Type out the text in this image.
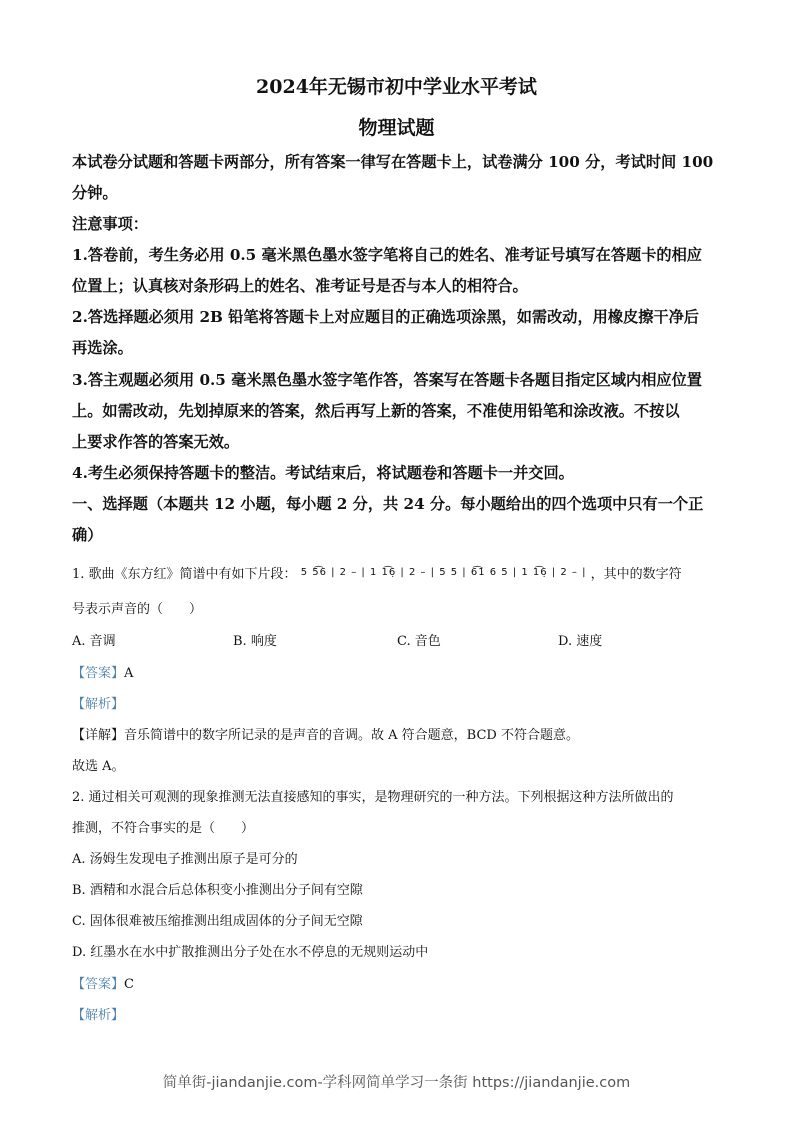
2024年无锡市初中学业水平考试
物理试题
本试卷分试题和答题卡两部分，所有答案一律写在答题卡上，试卷满分 100 分，考试时间 100
分钟。
注意事项：
1.答卷前，考生务必用 0.5 毫米黑色墨水签字笔将自己的姓名、准考证号填写在答题卡的相应
位置上；认真核对条形码上的姓名、准考证号是否与本人的相符合。
2.答选择题必须用 2B 铅笔将答题卡上对应题目的正确选项涂黑，如需改动，用橡皮擦干净后
再选涂。
3.答主观题必须用 0.5 毫米黑色墨水签字笔作答，答案写在答题卡各题目指定区域内相应位置
上。如需改动，先划掉原来的答案，然后再写上新的答案，不准使用铅笔和涂改液。不按以
上要求作答的答案无效。
4.考生必须保持答题卡的整洁。考试结束后，将试题卷和答题卡一并交回。
一、选择题（本题共 12 小题，每小题 2 分，共 24 分。每小题给出的四个选项中只有一个正
确）
1. 歌曲《东方红》简谱中有如下片段： 5 5͡6 | 2 – | 1 1͡6̣ | 2 – | 5 5 | 6͡1̇ 6 5 | 1 1͡6̣ | 2 – | ，其中的数字符
号表示声音的（　　）
A. 音调	B. 响度	C. 音色	D. 速度
【答案】A
【解析】
【详解】音乐简谱中的数字所记录的是声音的音调。故 A 符合题意，BCD 不符合题意。
故选 A。
2. 通过相关可观测的现象推测无法直接感知的事实，是物理研究的一种方法。下列根据这种方法所做出的
推测，不符合事实的是（　　）
A. 汤姆生发现电子推测出原子是可分的
B. 酒精和水混合后总体积变小推测出分子间有空隙
C. 固体很难被压缩推测出组成固体的分子间无空隙
D. 红墨水在水中扩散推测出分子处在水不停息的无规则运动中
【答案】C
【解析】
简单街-jiandanjie.com-学科网简单学习一条街 https://jiandanjie.com
